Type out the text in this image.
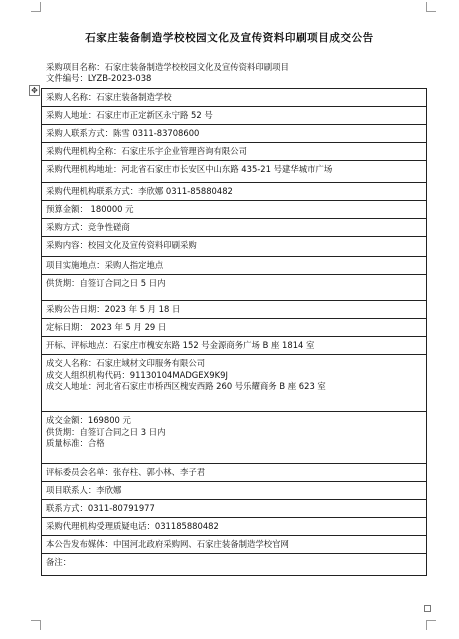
石家庄装备制造学校校园文化及宣传资料印刷项目成交公告
采购项目名称：石家庄装备制造学校校园文化及宣传资料印刷项目
文件编号：LYZB-2023-038
✥
采购人名称：石家庄装备制造学校
采购人地址：石家庄市正定新区永宁路 52 号
采购人联系方式：陈雪 0311-83708600
采购代理机构全称：石家庄乐宇企业管理咨询有限公司
采购代理机构地址：河北省石家庄市长安区中山东路 435-21 号建华城市广场
采购代理机构联系方式：李欣娜 0311-85880482
预算金额： 180000 元
采购方式：竞争性磋商
采购内容：校园文化及宣传资料印刷采购
项目实施地点：采购人指定地点
供货期：自签订合同之日 5 日内
采购公告日期：2023 年 5 月 18 日
定标日期： 2023 年 5 月 29 日
开标、评标地点：石家庄市槐安东路 152 号金源商务广场 B 座 1814 室
成交人名称：石家庄域材文印服务有限公司
成交人组织机构代码：91130104MADGEX9K9J
成交人地址：河北省石家庄市桥西区槐安西路 260 号乐耀商务 B 座 623 室
成交金额：169800 元
供货期：自签订合同之日 3 日内
质量标准：合格
评标委员会名单：张存柱、郭小林、李子君
项目联系人：李欣娜
联系方式：0311-80791977
采购代理机构受理质疑电话：031185880482
本公告发布媒体：中国河北政府采购网、石家庄装备制造学校官网
备注：
